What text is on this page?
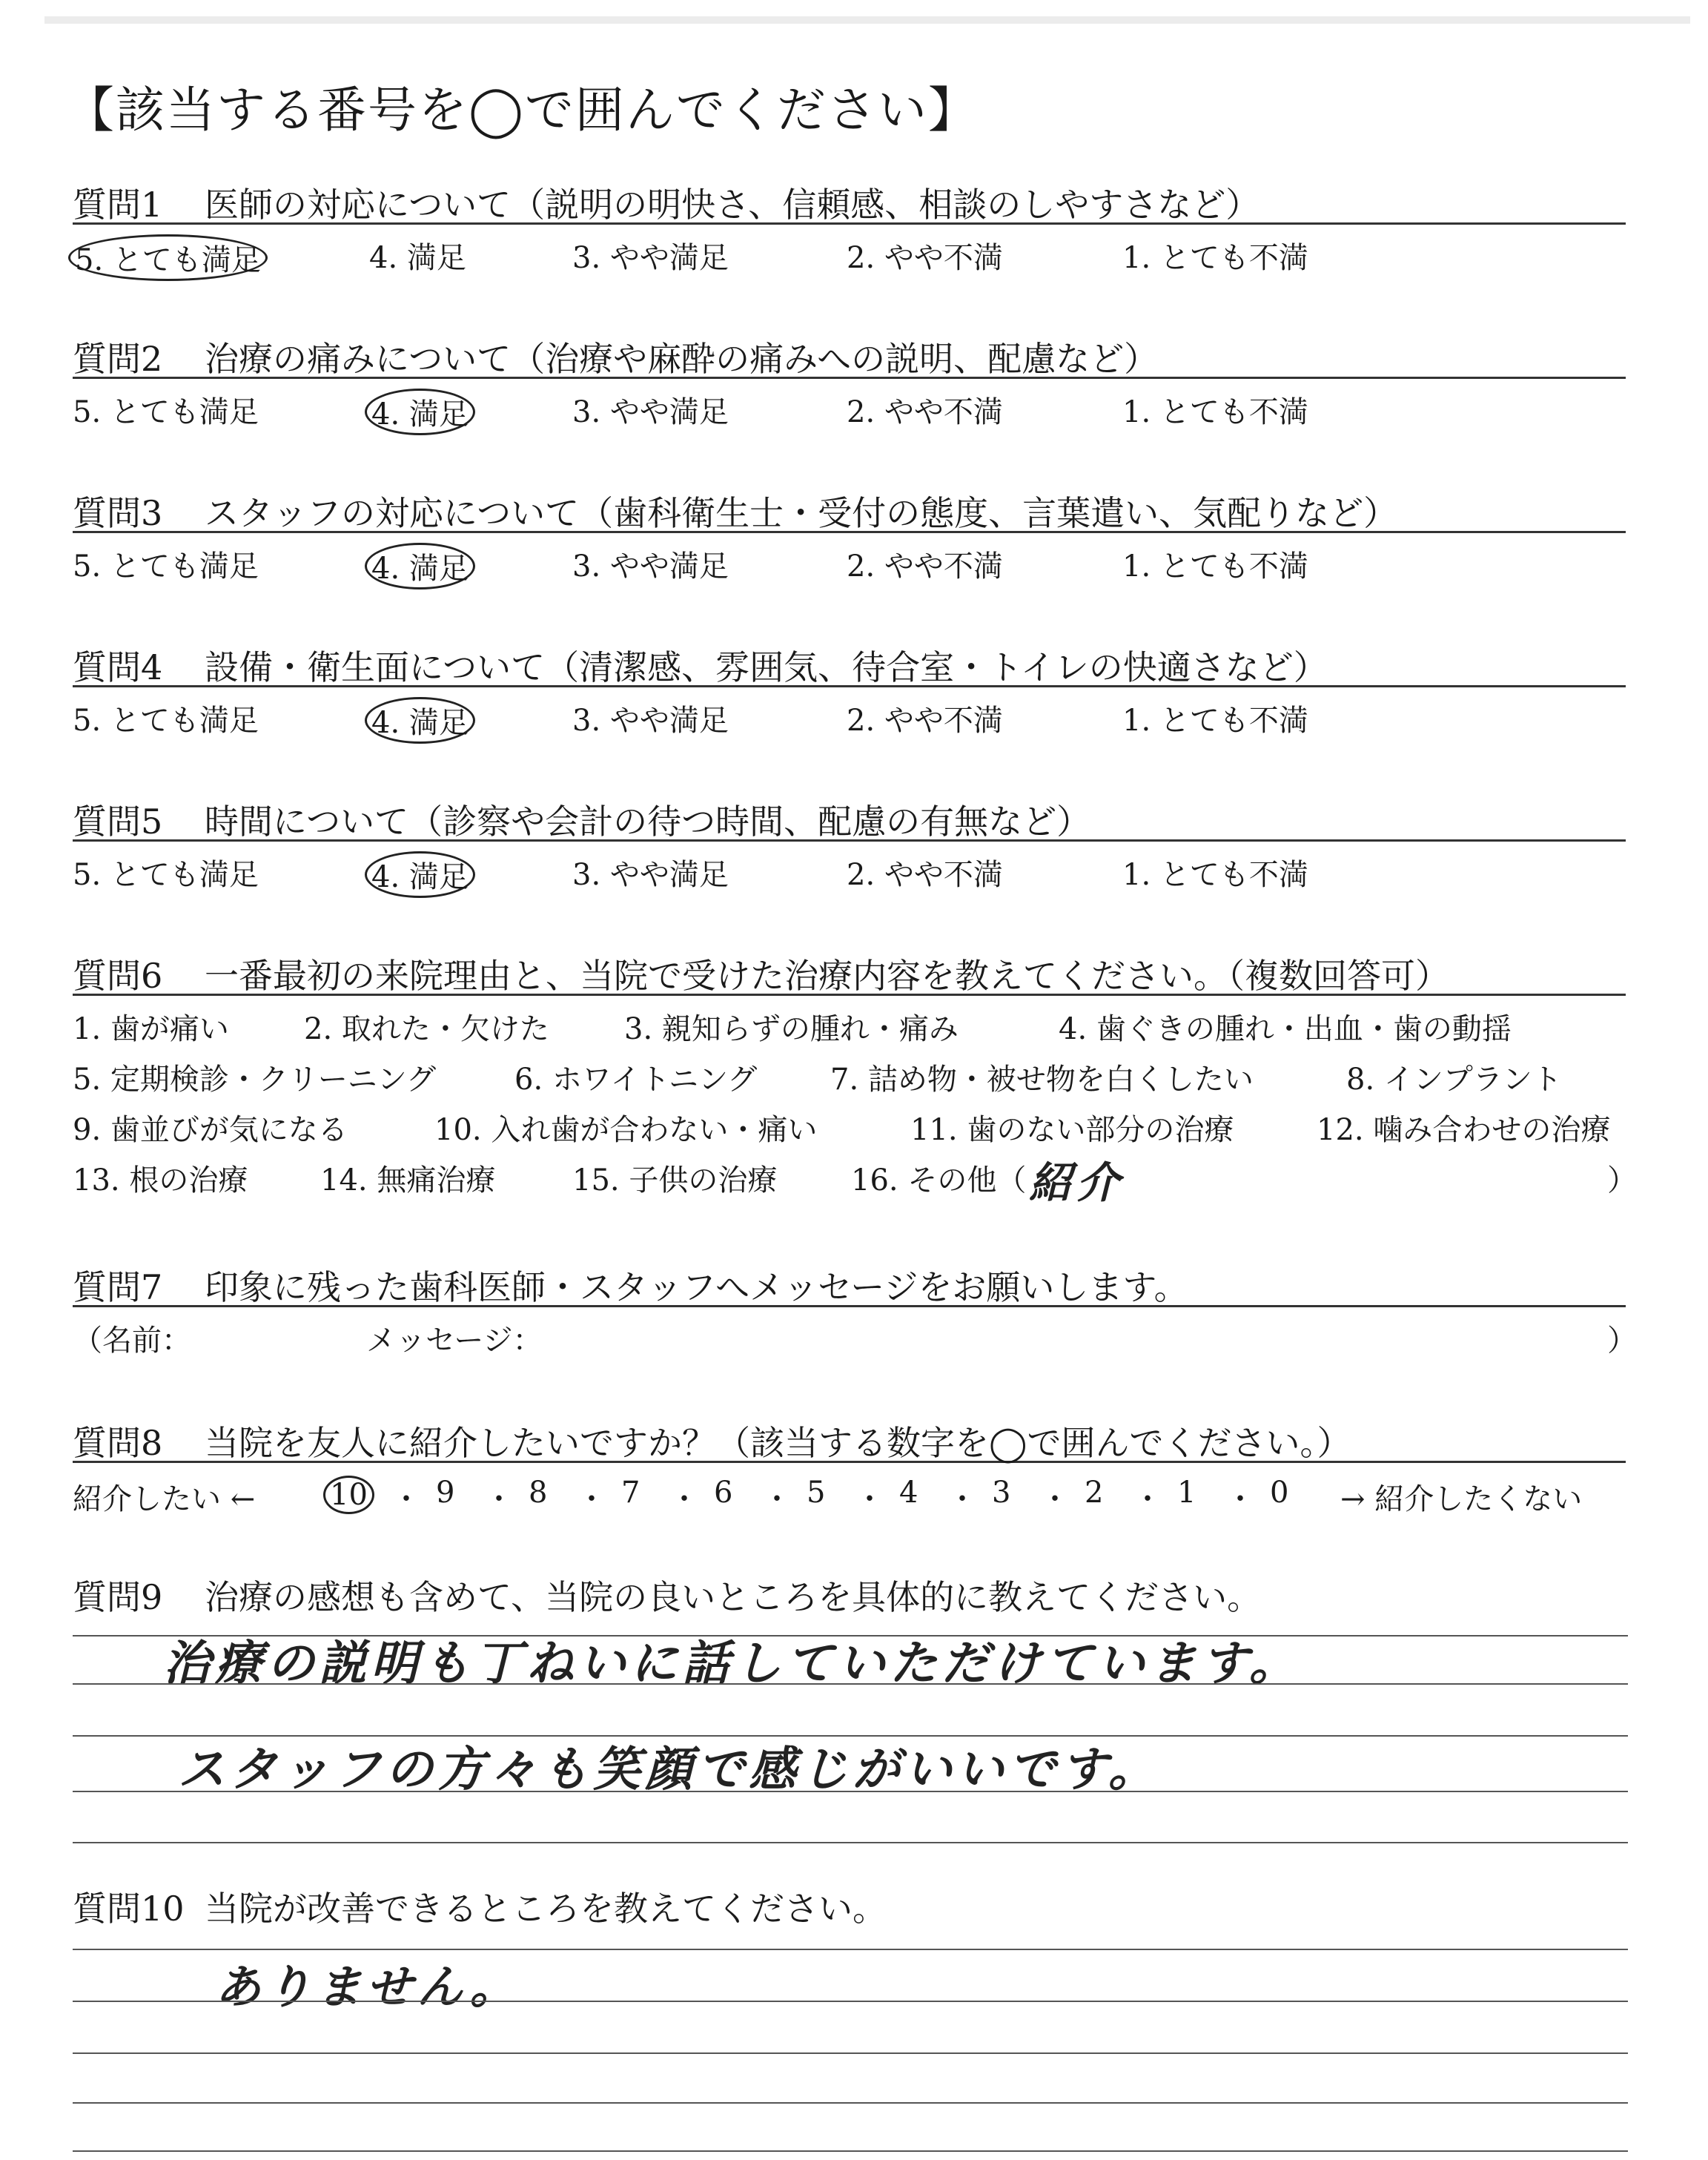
【該当する番号を◯で囲んでください】
質問1 医師の対応について（説明の明快さ、信頼感、相談のしやすさなど）
5. とても満足	4. 満足	3. やや満足	2. やや不満	1. とても不満
質問2 治療の痛みについて（治療や麻酔の痛みへの説明、配慮など）
5. とても満足	4. 満足	3. やや満足	2. やや不満	1. とても不満
質問3 スタッフの対応について（歯科衛生士・受付の態度、言葉遣い、気配りなど）
5. とても満足	4. 満足	3. やや満足	2. やや不満	1. とても不満
質問4 設備・衛生面について（清潔感、雰囲気、待合室・トイレの快適さなど）
5. とても満足	4. 満足	3. やや満足	2. やや不満	1. とても不満
質問5 時間について（診察や会計の待つ時間、配慮の有無など）
5. とても満足	4. 満足	3. やや満足	2. やや不満	1. とても不満
質問6 一番最初の来院理由と、当院で受けた治療内容を教えてください。（複数回答可）
1. 歯が痛い	2. 取れた・欠けた	3. 親知らずの腫れ・痛み	4. 歯ぐきの腫れ・出血・歯の動揺
5. 定期検診・クリーニング	6. ホワイトニング 7. 詰め物・被せ物を白くしたい	8. インプラント
9. 歯並びが気になる	10. 入れ歯が合わない・痛い	11. 歯のない部分の治療	12. 噛み合わせの治療
13. 根の治療 14. 無痛治療	15. 子供の治療 16. その他（ 紹介	）
質問7 印象に残った歯科医師・スタッフへメッセージをお願いします。
（名前：	メッセージ：	）
質問8 当院を友人に紹介したいですか？（該当する数字を◯で囲んでください。）
紹介したい ←	10 ・ 9 ・ 8 ・ 7 ・ 6 ・ 5 ・ 4 ・ 3 ・ 2 ・ 1 ・ 0 → 紹介したくない
質問9 治療の感想も含めて、当院の良いところを具体的に教えてください。
治療の説明も丁ねいに話していただけています。
スタッフの方々も笑顔で感じがいいです。
質問10 当院が改善できるところを教えてください。
ありません。
